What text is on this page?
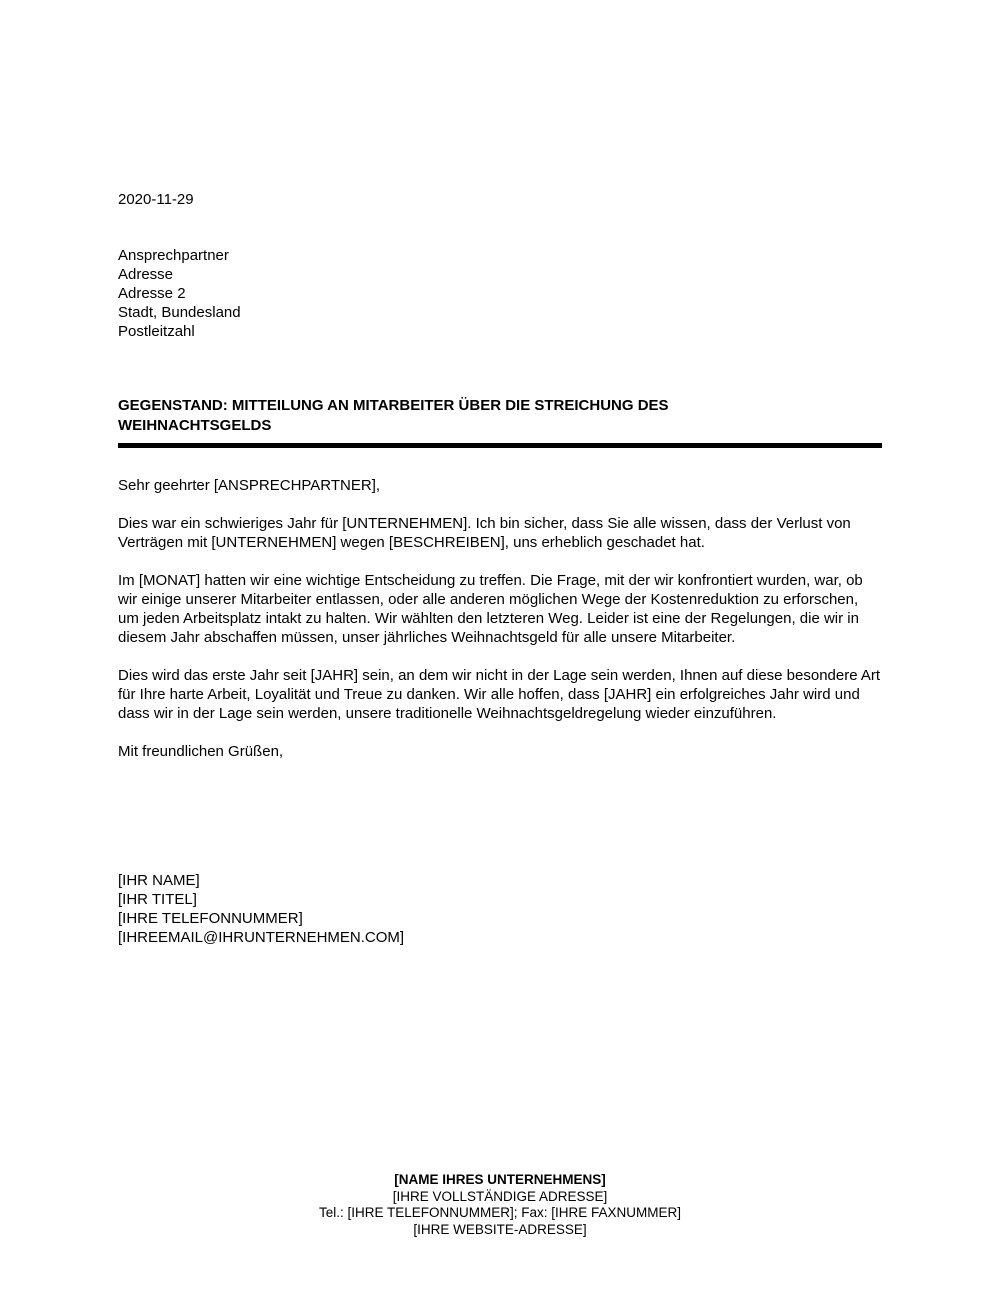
2020-11-29
Ansprechpartner
Adresse
Adresse 2
Stadt, Bundesland
Postleitzahl
GEGENSTAND: MITTEILUNG AN MITARBEITER ÜBER DIE STREICHUNG DES WEIHNACHTSGELDS
Sehr geehrter [ANSPRECHPARTNER],

Dies war ein schwieriges Jahr für [UNTERNEHMEN]. Ich bin sicher, dass Sie alle wissen, dass der Verlust von Verträgen mit [UNTERNEHMEN] wegen [BESCHREIBEN], uns erheblich geschadet hat.

Im [MONAT] hatten wir eine wichtige Entscheidung zu treffen. Die Frage, mit der wir konfrontiert wurden, war, ob wir einige unserer Mitarbeiter entlassen, oder alle anderen möglichen Wege der Kostenreduktion zu erforschen, um jeden Arbeitsplatz intakt zu halten. Wir wählten den letzteren Weg. Leider ist eine der Regelungen, die wir in diesem Jahr abschaffen müssen, unser jährliches Weihnachtsgeld für alle unsere Mitarbeiter.

Dies wird das erste Jahr seit [JAHR] sein, an dem wir nicht in der Lage sein werden, Ihnen auf diese besondere Art für Ihre harte Arbeit, Loyalität und Treue zu danken. Wir alle hoffen, dass [JAHR] ein erfolgreiches Jahr wird und dass wir in der Lage sein werden, unsere traditionelle Weihnachtsgeldregelung wieder einzuführen.

Mit freundlichen Grüßen,
[IHR NAME]
[IHR TITEL]
[IHRE TELEFONNUMMER]
[IHREEMAIL@IHRUNTERNEHMEN.COM]
[NAME IHRES UNTERNEHMENS]
[IHRE VOLLSTÄNDIGE ADRESSE]
Tel.: [IHRE TELEFONNUMMER]; Fax: [IHRE FAXNUMMER]
[IHRE WEBSITE-ADRESSE]
